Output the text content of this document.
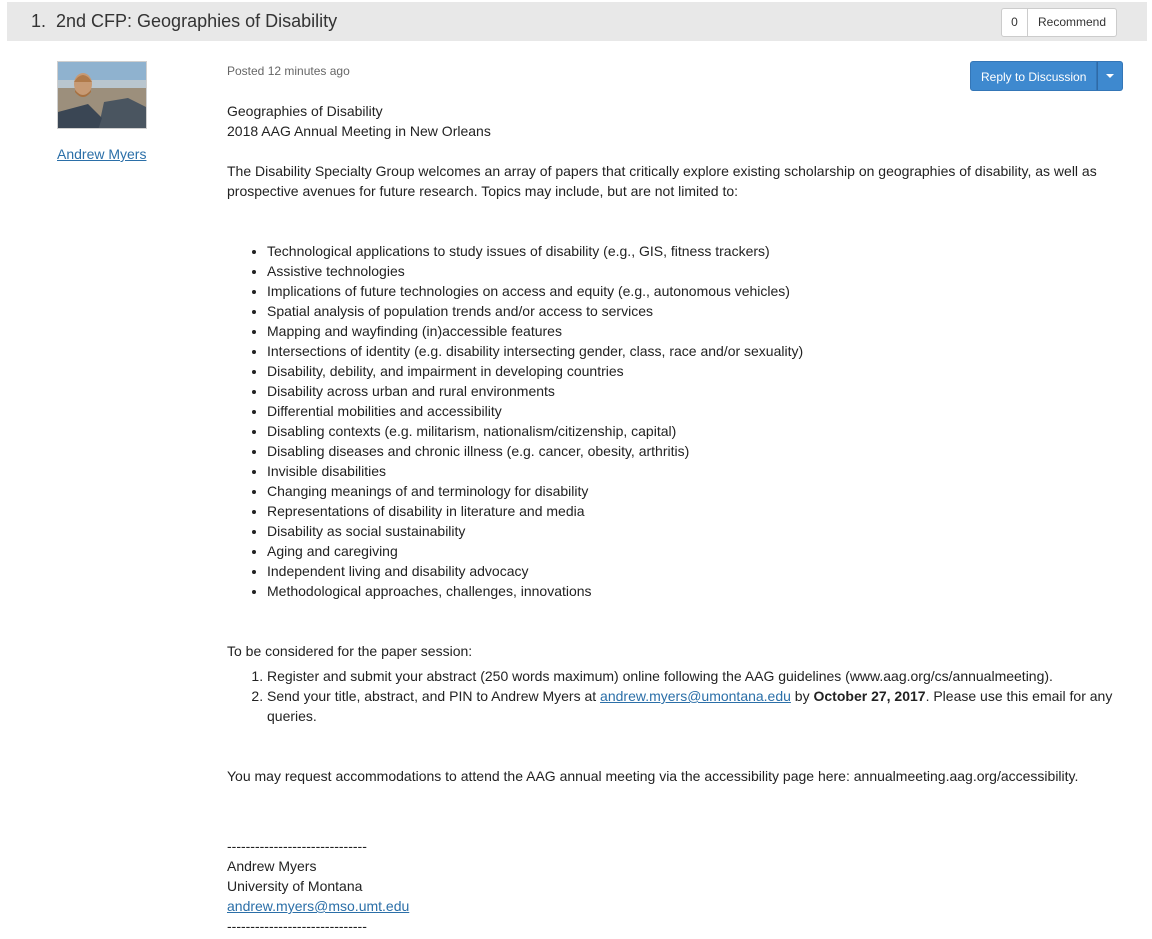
1. 2nd CFP: Geographies of Disability	0	Recommend
Andrew Myers
Posted 12 minutes ago	Reply to Discussion

Geographies of Disability

2018 AAG Annual Meeting in New Orleans

The Disability Specialty Group welcomes an array of papers that critically explore existing scholarship on geographies of disability, as well as prospective avenues for future research. Topics may include, but are not limited to:

• Technological applications to study issues of disability (e.g., GIS, fitness trackers)
• Assistive technologies
• Implications of future technologies on access and equity (e.g., autonomous vehicles)
• Spatial analysis of population trends and/or access to services
• Mapping and wayfinding (in)accessible features
• Intersections of identity (e.g. disability intersecting gender, class, race and/or sexuality)
• Disability, debility, and impairment in developing countries
• Disability across urban and rural environments
• Differential mobilities and accessibility
• Disabling contexts (e.g. militarism, nationalism/citizenship, capital)
• Disabling diseases and chronic illness (e.g. cancer, obesity, arthritis)
• Invisible disabilities
• Changing meanings of and terminology for disability
• Representations of disability in literature and media
• Disability as social sustainability
• Aging and caregiving
• Independent living and disability advocacy
• Methodological approaches, challenges, innovations

To be considered for the paper session:

1. Register and submit your abstract (250 words maximum) online following the AAG guidelines (www.aag.org/cs/annualmeeting).
2. Send your title, abstract, and PIN to Andrew Myers at andrew.myers@umontana.edu by October 27, 2017. Please use this email for any queries.

You may request accommodations to attend the AAG annual meeting via the accessibility page here: annualmeeting.aag.org/accessibility.

------------------------------

Andrew Myers

University of Montana

andrew.myers@mso.umt.edu

------------------------------
